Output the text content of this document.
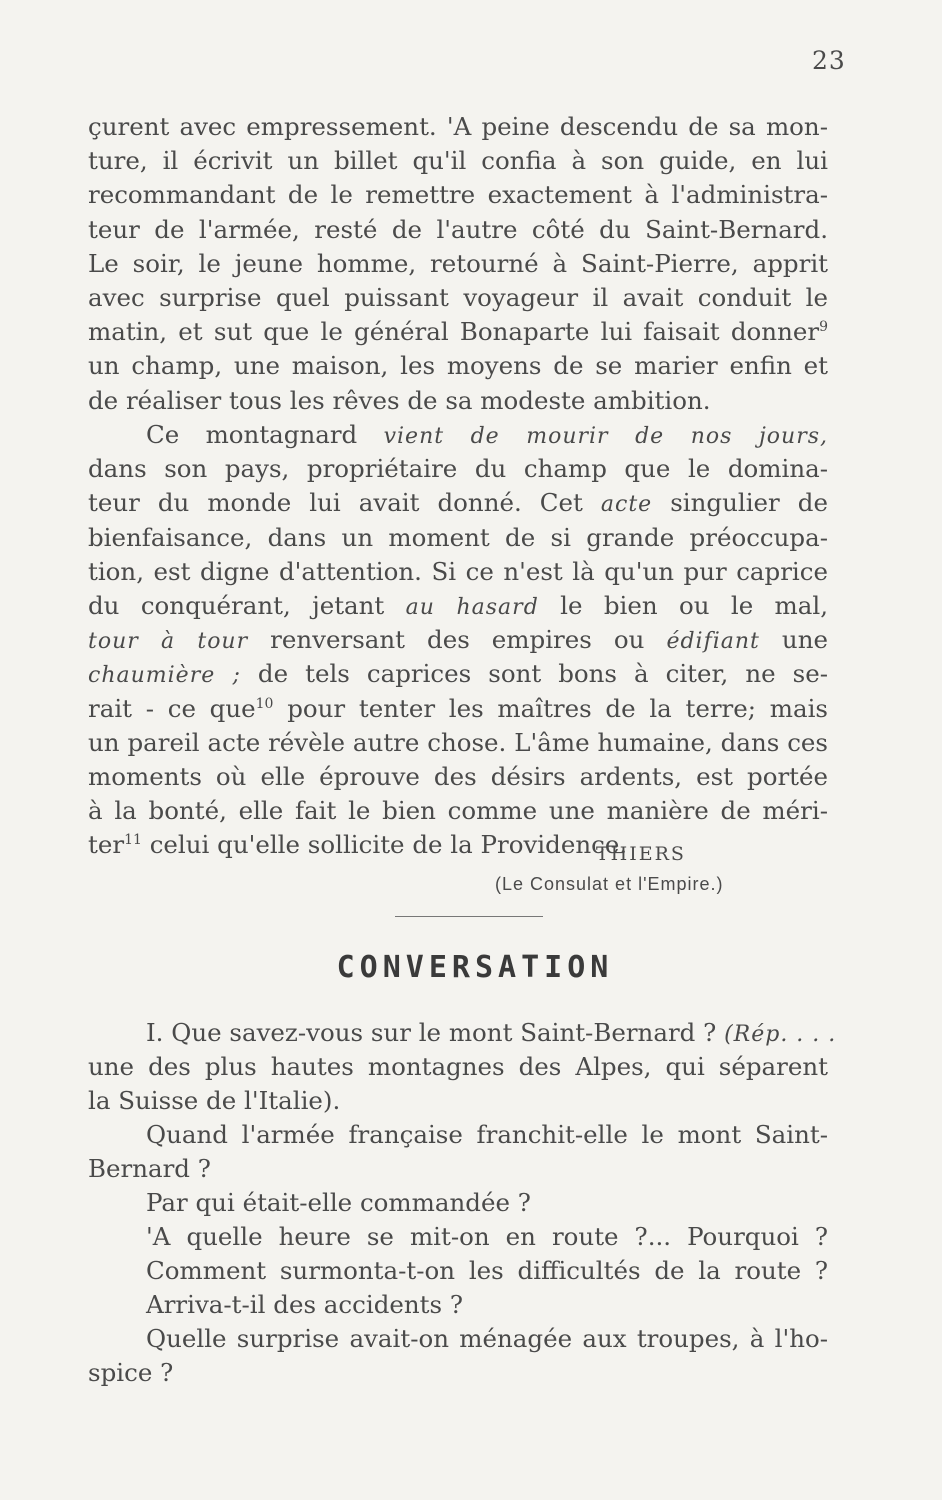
23
çurent avec empressement. 'A peine descendu de sa mon-
ture, il écrivit un billet qu'il confia à son guide, en lui
recommandant de le remettre exactement à l'administra-
teur de l'armée, resté de l'autre côté du Saint-Bernard.
Le soir, le jeune homme, retourné à Saint-Pierre, apprit
avec surprise quel puissant voyageur il avait conduit le
matin, et sut que le général Bonaparte lui faisait donner$^9$
un champ, une maison, les moyens de se marier enfin et
de réaliser tous les rêves de sa modeste ambition.
Ce montagnard vient de mourir de nos jours,
dans son pays, propriétaire du champ que le domina-
teur du monde lui avait donné. Cet acte singulier de
bienfaisance, dans un moment de si grande préoccupa-
tion, est digne d'attention. Si ce n'est là qu'un pur caprice
du conquérant, jetant au hasard le bien ou le mal,
tour à tour renversant des empires ou édifiant une
chaumière ; de tels caprices sont bons à citer, ne se-
rait - ce que$^{10}$ pour tenter les maîtres de la terre; mais
un pareil acte révèle autre chose. L'âme humaine, dans ces
moments où elle éprouve des désirs ardents, est portée
à la bonté, elle fait le bien comme une manière de méri-
ter$^{11}$ celui qu'elle sollicite de la Providence.
THIERS
(Le Consulat et l'Empire.)
CONVERSATION
I. Que savez-vous sur le mont Saint-Bernard ? (Rép. . . .
une des plus hautes montagnes des Alpes, qui séparent
la Suisse de l'Italie).
Quand l'armée française franchit-elle le mont Saint-
Bernard ?
Par qui était-elle commandée ?
'A quelle heure se mit-on en route ?... Pourquoi ?
Comment surmonta-t-on les difficultés de la route ?
Arriva-t-il des accidents ?
Quelle surprise avait-on ménagée aux troupes, à l'ho-
spice ?
